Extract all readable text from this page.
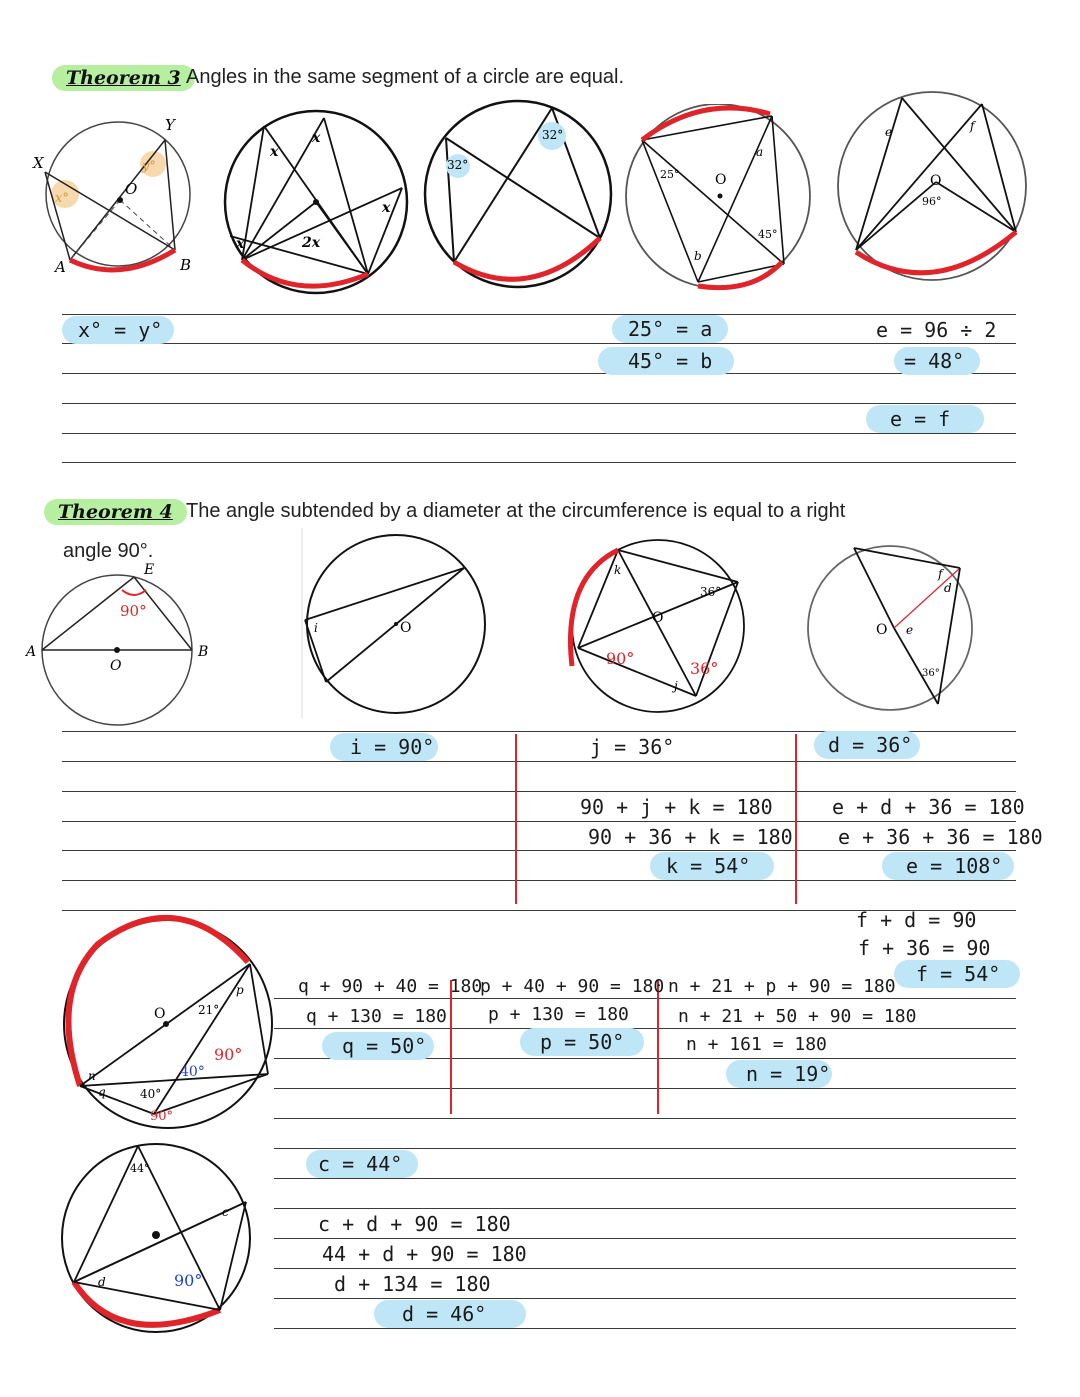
Theorem 3 Angles in the same segment of a circle are equal.
X
Y
O
A	B
x°
y°
x
x
x
x	2x
32°
32°
O
a
b
25°
45°
O
e	f
96°
x° = y°	25° = a
45° = b
e = 96 ÷ 2
= 48°
e = f
Theorem 4 The angle subtended by a diameter at the circumference is equal to a right
angle 90°.
90°
E
A	B
O
O
i
O
k
j
36°
90°
36°
O
d
f
e
36°
i = 90°	j = 36°
90 + j + k = 180
90 + 36 + k = 180
k = 54°
d = 36°
e + d + 36 = 180
e + 36 + 36 = 180
e = 108°
f + d = 90
f + 36 = 90
f = 54°
O	21°
p
n
q	40°
40°
90°
90°
q + 90 + 40 = 180
q + 130 = 180
q = 50°
p + 40 + 90 = 180
p + 130 = 180
p = 50°
n + 21 + p + 90 = 180
n + 21 + 50 + 90 = 180
n + 161 = 180
n = 19°
44°
c
d	90°
c = 44°
c + d + 90 = 180
44 + d + 90 = 180
d + 134 = 180
d = 46°
